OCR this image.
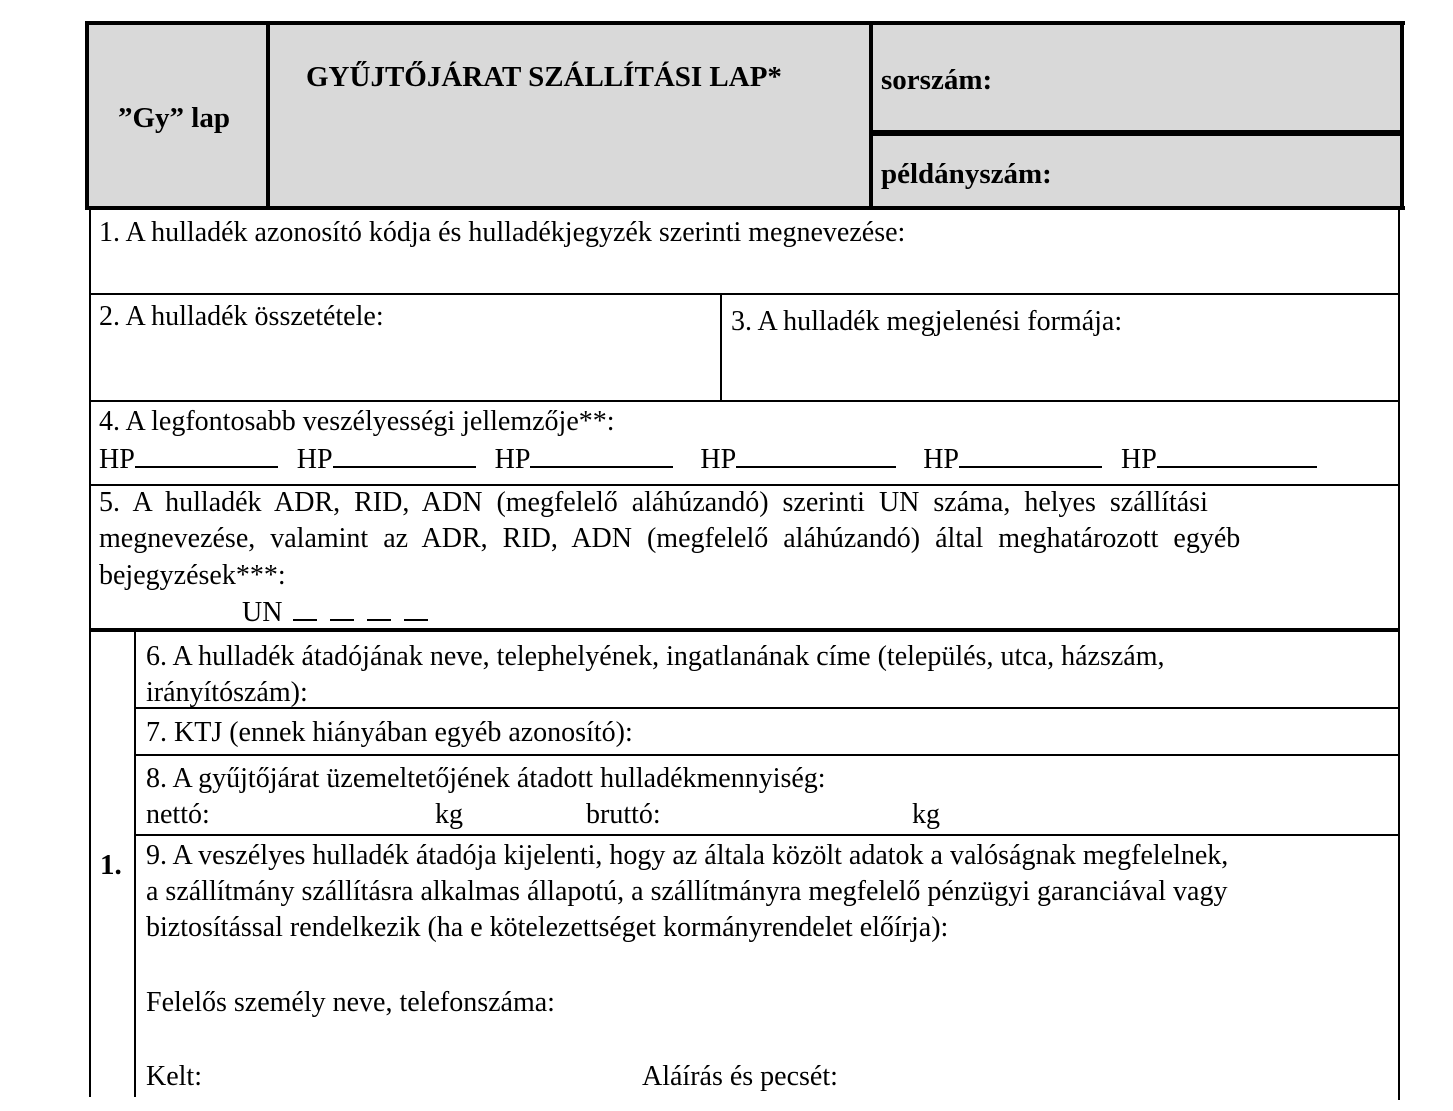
”Gy” lap
GYŰJTŐJÁRAT SZÁLLÍTÁSI LAP*	sorszám:
példányszám:
1. A hulladék azonosító kódja és hulladékjegyzék szerinti megnevezése:
2. A hulladék összetétele:	3. A hulladék megjelenési formája:
4. A legfontosabb veszélyességi jellemzője**:
HP	HP	HP	HP	HP	HP
5. A hulladék ADR, RID, ADN (megfelelő aláhúzandó) szerinti UN száma, helyes szállítási
megnevezése, valamint az ADR, RID, ADN (megfelelő aláhúzandó) által meghatározott egyéb
bejegyzések***:
UN
1.
6. A hulladék átadójának neve, telephelyének, ingatlanának címe (település, utca, házszám,
irányítószám):
7. KTJ (ennek hiányában egyéb azonosító):
8. A gyűjtőjárat üzemeltetőjének átadott hulladékmennyiség:
nettó:	kg	bruttó:	kg
9. A veszélyes hulladék átadója kijelenti, hogy az általa közölt adatok a valóságnak megfelelnek,
a szállítmány szállításra alkalmas állapotú, a szállítmányra megfelelő pénzügyi garanciával vagy
biztosítással rendelkezik (ha e kötelezettséget kormányrendelet előírja):
Felelős személy neve, telefonszáma:
Kelt:	Aláírás és pecsét:
